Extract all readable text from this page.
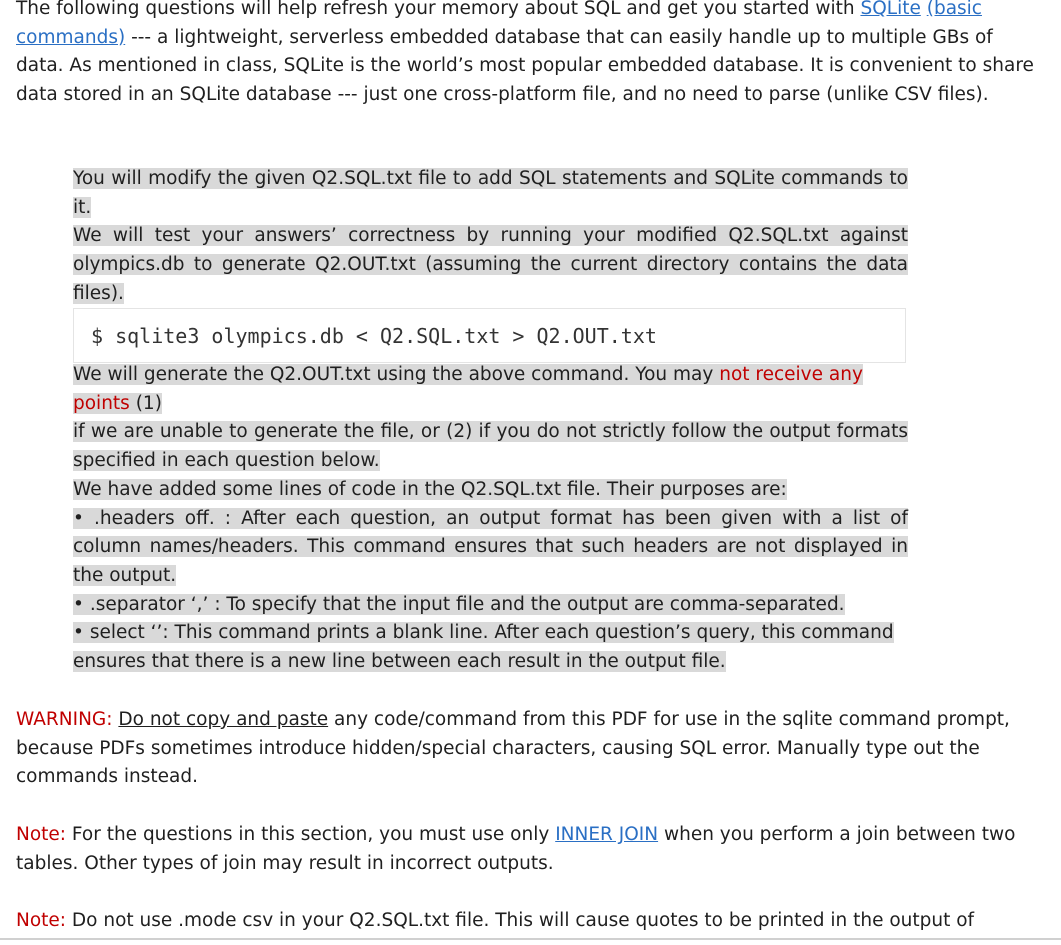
The following questions will help refresh your memory about SQL and get you started with SQLite (basic commands) --- a lightweight, serverless embedded database that can easily handle up to multiple GBs of data. As mentioned in class, SQLite is the world’s most popular embedded database. It is convenient to share data stored in an SQLite database --- just one cross-platform file, and no need to parse (unlike CSV files).
You will modify the given Q2.SQL.txt file to add SQL statements and SQLite commands to it.
We will test your answers’ correctness by running your modified Q2.SQL.txt against olympics.db to generate Q2.OUT.txt (assuming the current directory contains the data files).
$ sqlite3 olympics.db < Q2.SQL.txt > Q2.OUT.txt
We will generate the Q2.OUT.txt using the above command. You may not receive any points (1)
if we are unable to generate the file, or (2) if you do not strictly follow the output formats specified in each question below.
We have added some lines of code in the Q2.SQL.txt file. Their purposes are:
• .headers off. : After each question, an output format has been given with a list of column names/headers. This command ensures that such headers are not displayed in the output.
• .separator ‘,’ : To specify that the input file and the output are comma-separated.
• select ‘’: This command prints a blank line. After each question’s query, this command ensures that there is a new line between each result in the output file.
WARNING: Do not copy and paste any code/command from this PDF for use in the sqlite command prompt, because PDFs sometimes introduce hidden/special characters, causing SQL error. Manually type out the commands instead.
Note: For the questions in this section, you must use only INNER JOIN when you perform a join between two tables. Other types of join may result in incorrect outputs.
Note: Do not use .mode csv in your Q2.SQL.txt file. This will cause quotes to be printed in the output of
